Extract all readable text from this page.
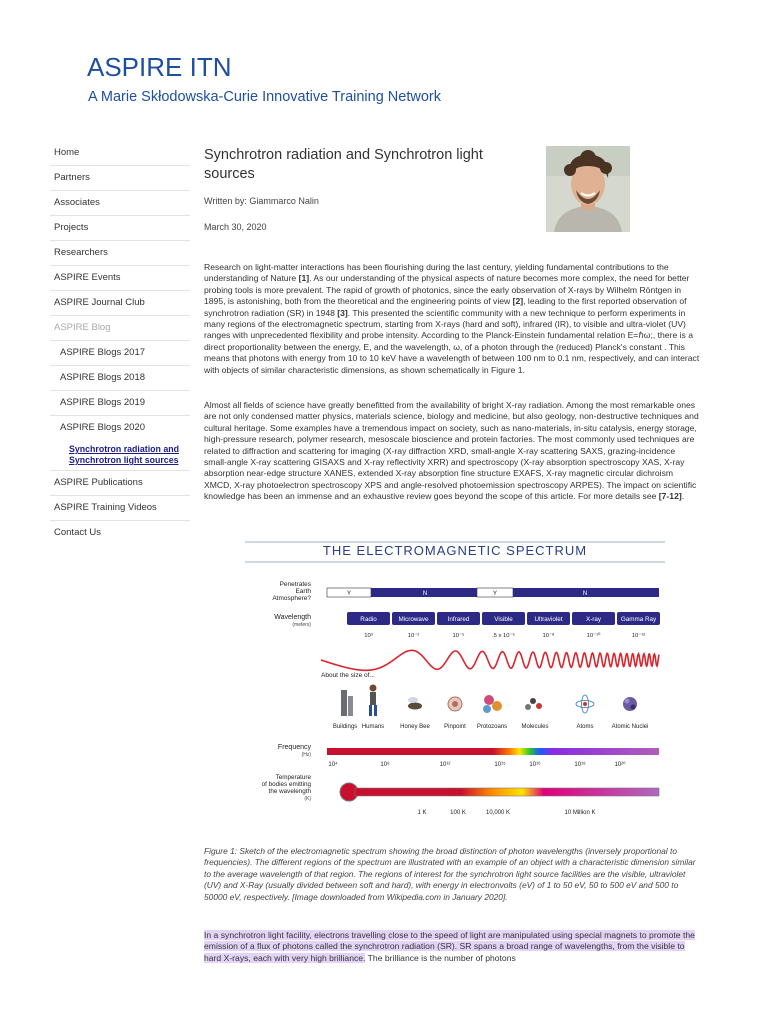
ASPIRE ITN

A Marie Skłodowska-Curie Innovative Training Network

Home
Partners
Associates
Projects
Researchers
ASPIRE Events
ASPIRE Journal Club
ASPIRE Blog
ASPIRE Blogs 2017
ASPIRE Blogs 2018
ASPIRE Blogs 2019
ASPIRE Blogs 2020
Synchrotron radiation and Synchrotron light sources
ASPIRE Publications
ASPIRE Training Videos
Contact Us
Synchrotron radiation and Synchrotron light sources
Written by: Giammarco Nalin
March 30, 2020

Research on light-matter interactions has been flourishing during the last century, yielding fundamental contributions to the understanding of Nature [1]. As our understanding of the physical aspects of nature becomes more complex, the need for better probing tools is more prevalent. The rapid of growth of photonics, since the early observation of X-rays by Wilhelm Röntgen in 1895, is astonishing, both from the theoretical and the engineering points of view [2], leading to the first reported observation of synchrotron radiation (SR) in 1948 [3]. This presented the scientific community with a new technique to perform experiments in many regions of the electromagnetic spectrum, starting from X-rays (hard and soft), infrared (IR), to visible and ultra-violet (UV) ranges with unprecedented flexibility and probe intensity. According to the Planck-Einstein fundamental relation E=ℏω;, there is a direct proportionality between the energy, E, and the wavelength, ω, of a photon through the (reduced) Planck's constant . This means that photons with energy from 10 to 10 keV have a wavelength of between 100 nm to 0.1 nm, respectively, and can interact with objects of similar characteristic dimensions, as shown schematically in Figure 1.

Almost all fields of science have greatly benefitted from the availability of bright X-ray radiation. Among the most remarkable ones are not only condensed matter physics, materials science, biology and medicine, but also geology, non-destructive techniques and cultural heritage. Some examples have a tremendous impact on society, such as nano-materials, in-situ catalysis, energy storage, high-pressure research, polymer research, mesoscale bioscience and protein factories. The most commonly used techniques are related to diffraction and scattering for imaging (X-ray diffraction XRD, small-angle X-ray scattering SAXS, grazing-incidence small-angle X-ray scattering GISAXS and X-ray reflectivity XRR) and spectroscopy (X-ray absorption spectroscopy XAS, X-ray absorption near-edge structure XANES, extended X-ray absorption fine structure EXAFS, X-ray magnetic circular dichroism XMCD, X-ray photoelectron spectroscopy XPS and angle-resolved photoemission spectroscopy ARPES). The impact on scientific knowledge has been an immense and an exhaustive review goes beyond the scope of this article. For more details see [7-12].

In a synchrotron light facility, electrons travelling close to the speed of light are manipulated using special magnets to promote the emission of a flux of photons called the synchrotron radiation (SR). SR spans a broad range of wavelengths, from the visible to hard X-rays, each with very high brilliance. The brilliance is the number of photons

THE ELECTROMAGNETIC SPECTRUM
Penetrates Earth Atmosphere?
Y	N	Y	N
Wavelength
(meters)
Radio	Microwave	Infrared	Visible	Ultraviolet	X-ray	Gamma Ray
10³	10⁻²	10⁻⁵	.5 x 10⁻⁶	10⁻⁸	10⁻¹⁰	10⁻¹²
About the size of...
Buildings Humans	Honey Bee Pinpoint Protozoans Molecules	Atoms	Atomic Nuclei
Frequency
(Hz)
10⁴	10⁸	10¹²	10¹⁵	10¹⁶	10¹⁸	10²⁰
Temperature
of bodies emitting
the wavelength
(K)
1 K	100 K	10,000 K	10 Million K

Figure 1: Sketch of the electromagnetic spectrum showing the broad distinction of photon wavelengths (inversely proportional to frequencies). The different regions of the spectrum are illustrated with an example of an object with a characteristic dimension similar to the average wavelength of that region. The regions of interest for the synchrotron light source facilities are the visible, ultraviolet (UV) and X-Ray (usually divided between soft and hard), with energy in electronvolts (eV) of 1 to 50 eV, 50 to 500 eV and 500 to 50000 eV, respectively. [Image downloaded from Wikipedia.com in January 2020].
